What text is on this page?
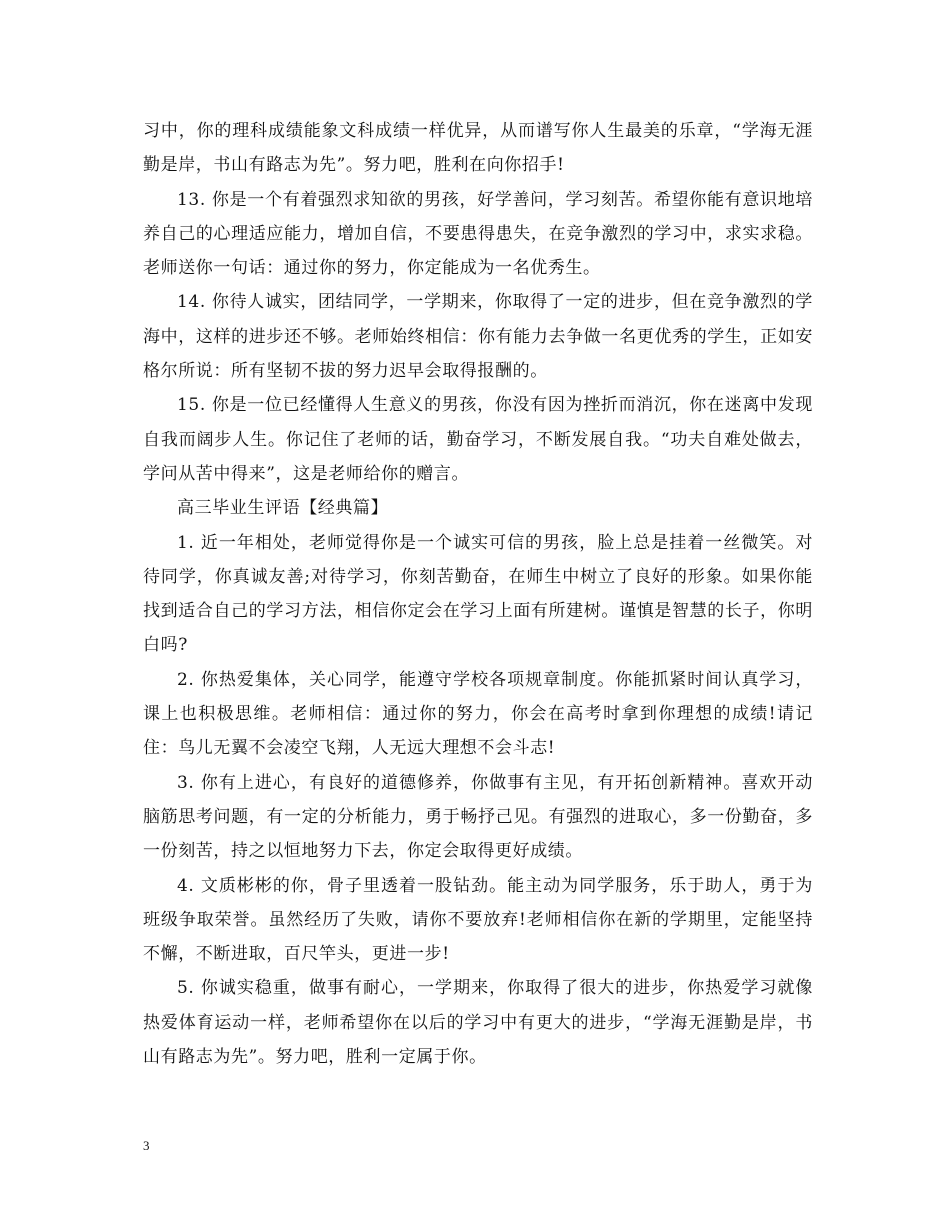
习中，你的理科成绩能象文科成绩一样优异，从而谱写你人生最美的乐章，“学海无涯勤是岸，书山有路志为先”。努力吧，胜利在向你招手!

13. 你是一个有着强烈求知欲的男孩，好学善问，学习刻苦。希望你能有意识地培养自己的心理适应能力，增加自信，不要患得患失，在竞争激烈的学习中，求实求稳。老师送你一句话：通过你的努力，你定能成为一名优秀生。

14. 你待人诚实，团结同学，一学期来，你取得了一定的进步，但在竞争激烈的学海中，这样的进步还不够。老师始终相信：你有能力去争做一名更优秀的学生，正如安格尔所说：所有坚韧不拔的努力迟早会取得报酬的。

15. 你是一位已经懂得人生意义的男孩，你没有因为挫折而消沉，你在迷离中发现自我而阔步人生。你记住了老师的话，勤奋学习，不断发展自我。“功夫自难处做去，学问从苦中得来”，这是老师给你的赠言。

高三毕业生评语【经典篇】

1. 近一年相处，老师觉得你是一个诚实可信的男孩，脸上总是挂着一丝微笑。对待同学，你真诚友善;对待学习，你刻苦勤奋，在师生中树立了良好的形象。如果你能找到适合自己的学习方法，相信你定会在学习上面有所建树。谨慎是智慧的长子，你明白吗?

2. 你热爱集体，关心同学，能遵守学校各项规章制度。你能抓紧时间认真学习，课上也积极思维。老师相信：通过你的努力，你会在高考时拿到你理想的成绩!请记住：鸟儿无翼不会凌空飞翔，人无远大理想不会斗志!

3. 你有上进心，有良好的道德修养，你做事有主见，有开拓创新精神。喜欢开动脑筋思考问题，有一定的分析能力，勇于畅抒己见。有强烈的进取心，多一份勤奋，多一份刻苦，持之以恒地努力下去，你定会取得更好成绩。

4. 文质彬彬的你，骨子里透着一股钻劲。能主动为同学服务，乐于助人，勇于为班级争取荣誉。虽然经历了失败，请你不要放弃!老师相信你在新的学期里，定能坚持不懈，不断进取，百尺竿头，更进一步!

5. 你诚实稳重，做事有耐心，一学期来，你取得了很大的进步，你热爱学习就像热爱体育运动一样，老师希望你在以后的学习中有更大的进步，“学海无涯勤是岸，书山有路志为先”。努力吧，胜利一定属于你。

3
